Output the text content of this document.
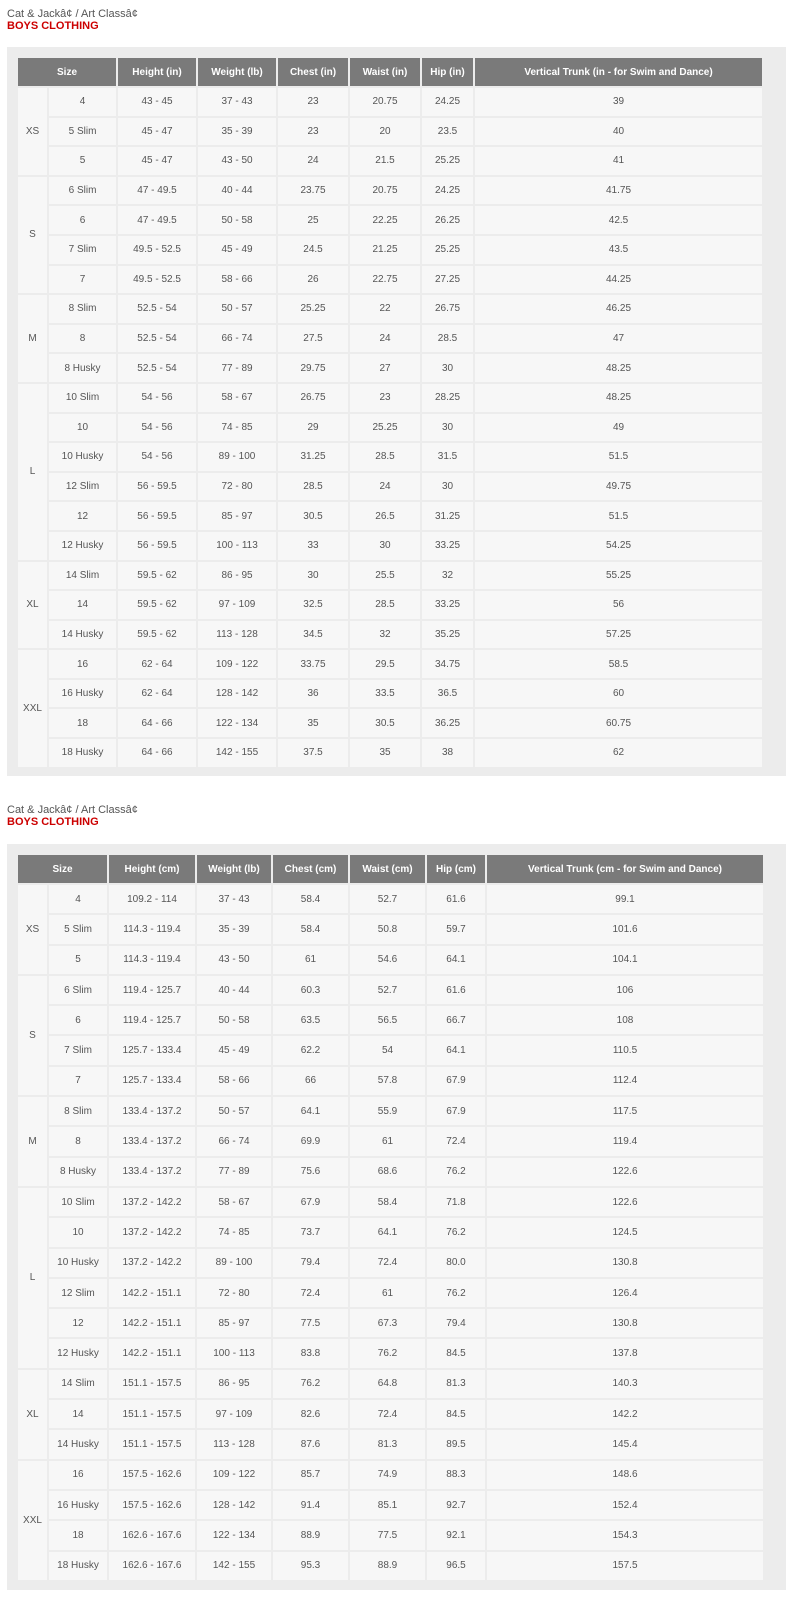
Cat & Jackâ¢ / Art Classâ¢
BOYS CLOTHING
Size		Height (in)	Weight (lb)	Chest (in)	Waist (in)	Hip (in)	Vertical Trunk (in - for Swim and Dance)
XS	4	43 - 45	37 - 43	23	20.75	24.25	39
	5 Slim	45 - 47	35 - 39	23	20	23.5	40
	5	45 - 47	43 - 50	24	21.5	25.25	41
S	6 Slim	47 - 49.5	40 - 44	23.75	20.75	24.25	41.75
	6	47 - 49.5	50 - 58	25	22.25	26.25	42.5
	7 Slim	49.5 - 52.5	45 - 49	24.5	21.25	25.25	43.5
	7	49.5 - 52.5	58 - 66	26	22.75	27.25	44.25
M	8 Slim	52.5 - 54	50 - 57	25.25	22	26.75	46.25
	8	52.5 - 54	66 - 74	27.5	24	28.5	47
	8 Husky	52.5 - 54	77 - 89	29.75	27	30	48.25
L	10 Slim	54 - 56	58 - 67	26.75	23	28.25	48.25
	10	54 - 56	74 - 85	29	25.25	30	49
	10 Husky	54 - 56	89 - 100	31.25	28.5	31.5	51.5
	12 Slim	56 - 59.5	72 - 80	28.5	24	30	49.75
	12	56 - 59.5	85 - 97	30.5	26.5	31.25	51.5
	12 Husky	56 - 59.5	100 - 113	33	30	33.25	54.25
XL	14 Slim	59.5 - 62	86 - 95	30	25.5	32	55.25
	14	59.5 - 62	97 - 109	32.5	28.5	33.25	56
	14 Husky	59.5 - 62	113 - 128	34.5	32	35.25	57.25
XXL	16	62 - 64	109 - 122	33.75	29.5	34.75	58.5
	16 Husky	62 - 64	128 - 142	36	33.5	36.5	60
	18	64 - 66	122 - 134	35	30.5	36.25	60.75
	18 Husky	64 - 66	142 - 155	37.5	35	38	62
Cat & Jackâ¢ / Art Classâ¢
BOYS CLOTHING
Size		Height (cm)	Weight (lb)	Chest (cm)	Waist (cm)	Hip (cm)	Vertical Trunk (cm - for Swim and Dance)
XS	4	109.2 - 114	37 - 43	58.4	52.7	61.6	99.1
	5 Slim	114.3 - 119.4	35 - 39	58.4	50.8	59.7	101.6
	5	114.3 - 119.4	43 - 50	61	54.6	64.1	104.1
S	6 Slim	119.4 - 125.7	40 - 44	60.3	52.7	61.6	106
	6	119.4 - 125.7	50 - 58	63.5	56.5	66.7	108
	7 Slim	125.7 - 133.4	45 - 49	62.2	54	64.1	110.5
	7	125.7 - 133.4	58 - 66	66	57.8	67.9	112.4
M	8 Slim	133.4 - 137.2	50 - 57	64.1	55.9	67.9	117.5
	8	133.4 - 137.2	66 - 74	69.9	61	72.4	119.4
	8 Husky	133.4 - 137.2	77 - 89	75.6	68.6	76.2	122.6
L	10 Slim	137.2 - 142.2	58 - 67	67.9	58.4	71.8	122.6
	10	137.2 - 142.2	74 - 85	73.7	64.1	76.2	124.5
	10 Husky	137.2 - 142.2	89 - 100	79.4	72.4	80.0	130.8
	12 Slim	142.2 - 151.1	72 - 80	72.4	61	76.2	126.4
	12	142.2 - 151.1	85 - 97	77.5	67.3	79.4	130.8
	12 Husky	142.2 - 151.1	100 - 113	83.8	76.2	84.5	137.8
XL	14 Slim	151.1 - 157.5	86 - 95	76.2	64.8	81.3	140.3
	14	151.1 - 157.5	97 - 109	82.6	72.4	84.5	142.2
	14 Husky	151.1 - 157.5	113 - 128	87.6	81.3	89.5	145.4
XXL	16	157.5 - 162.6	109 - 122	85.7	74.9	88.3	148.6
	16 Husky	157.5 - 162.6	128 - 142	91.4	85.1	92.7	152.4
	18	162.6 - 167.6	122 - 134	88.9	77.5	92.1	154.3
	18 Husky	162.6 - 167.6	142 - 155	95.3	88.9	96.5	157.5
